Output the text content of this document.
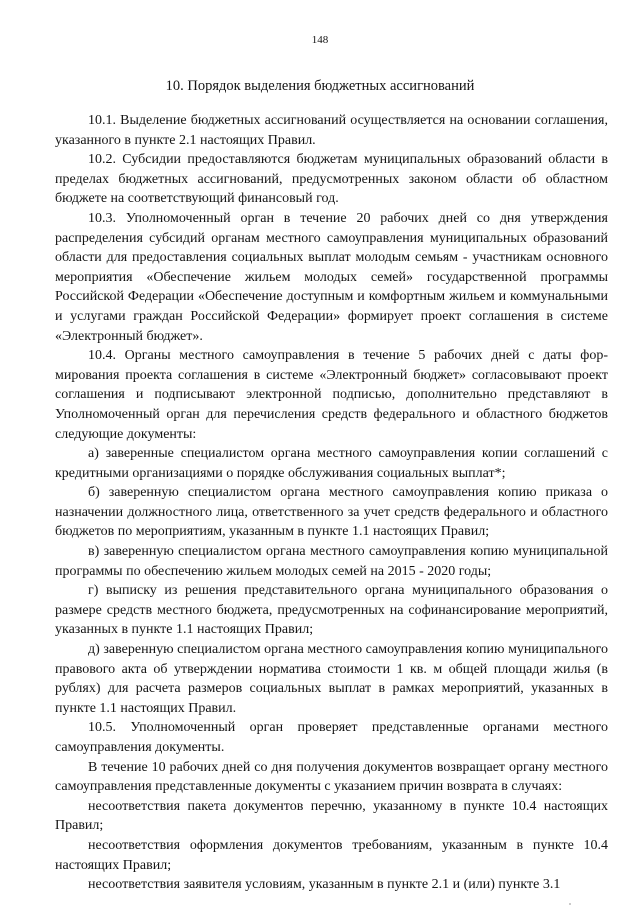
148
10. Порядок выделения бюджетных ассигнований

10.1. Выделение бюджетных ассигнований осуществляется на основании соглашения, указанного в пункте 2.1 настоящих Правил.

10.2. Субсидии предоставляются бюджетам муниципальных образований области в пределах бюджетных ассигнований, предусмотренных законом области об областном бюджете на соответствующий финансовый год.

10.3. Уполномоченный орган в течение 20 рабочих дней со дня утверждения распределения субсидий органам местного самоуправления муниципальных образований области для предоставления социальных выплат молодым семьям - участникам основного мероприятия «Обеспечение жильем молодых семей» государственной программы Российской Федерации «Обеспечение доступным и комфортным жильем и коммунальными и услугами граждан Российской Федерации» формирует проект соглашения в системе «Электронный бюджет».

10.4. Органы местного самоуправления в течение 5 рабочих дней с даты формирования проекта соглашения в системе «Электронный бюджет» согласовывают проект соглашения и подписывают электронной подписью, дополнительно представляют в Уполномоченный орган для перечисления средств федерального и областного бюджетов следующие документы:

а) заверенные специалистом органа местного самоуправления копии соглашений с кредитными организациями о порядке обслуживания социальных выплат*;

б) заверенную специалистом органа местного самоуправления копию приказа о назначении должностного лица, ответственного за учет средств федерального и областного бюджетов по мероприятиям, указанным в пункте 1.1 настоящих Правил;

в) заверенную специалистом органа местного самоуправления копию муниципальной программы по обеспечению жильем молодых семей на 2015 - 2020 годы;

г) выписку из решения представительного органа муниципального образования о размере средств местного бюджета, предусмотренных на софинансирование мероприятий, указанных в пункте 1.1 настоящих Правил;

д) заверенную специалистом органа местного самоуправления копию муниципального правового акта об утверждении норматива стоимости 1 кв. м общей площади жилья (в рублях) для расчета размеров социальных выплат в рамках мероприятий, указанных в пункте 1.1 настоящих Правил.

10.5. Уполномоченный орган проверяет представленные органами местного самоуправления документы.

В течение 10 рабочих дней со дня получения документов возвращает органу местного самоуправления представленные документы с указанием причин возврата в случаях:

несоответствия пакета документов перечню, указанному в пункте 10.4 настоящих Правил;

несоответствия оформления документов требованиям, указанным в пункте 10.4 настоящих Правил;

несоответствия заявителя условиям, указанным в пункте 2.1 и (или) пункте 3.1
